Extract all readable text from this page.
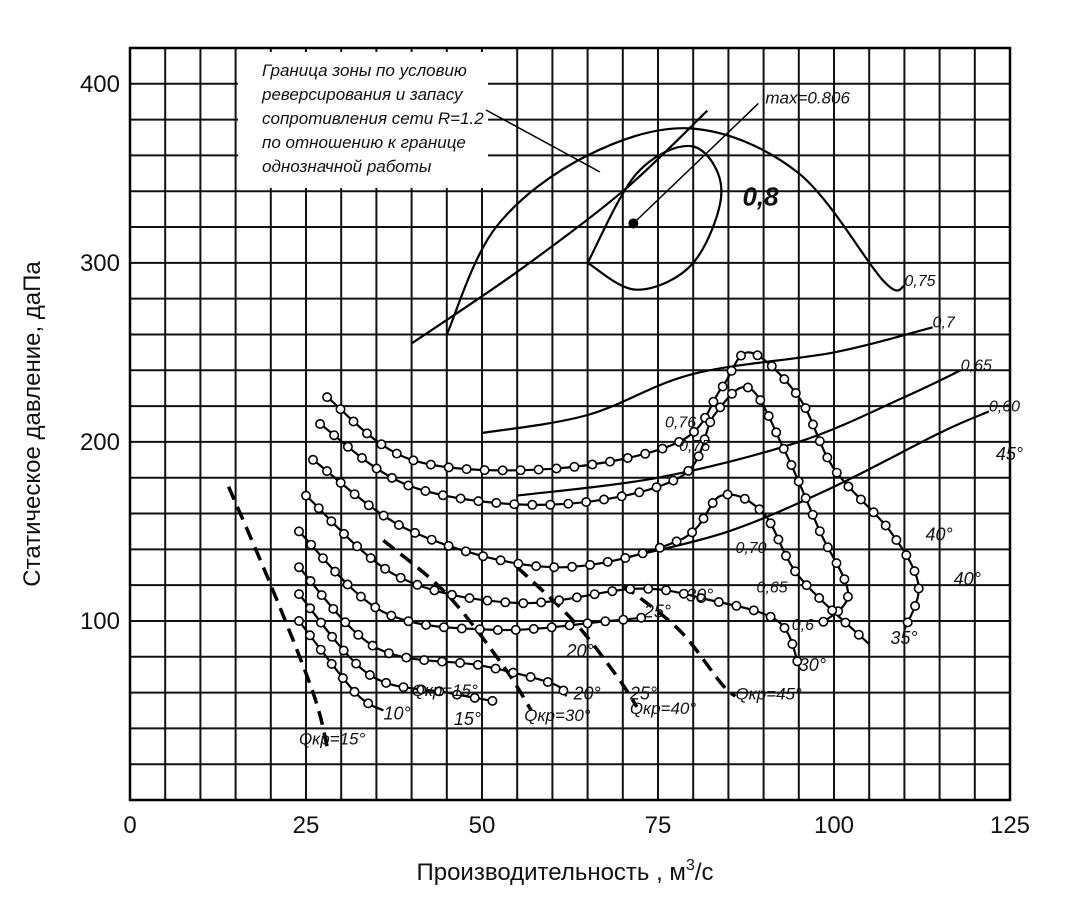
0	25	50	75	100	125
100
200
300
400
max=0.806
0,8
0,75
0,7
0,65
0,60
0,76
0,75
0,70
0,65
0,6
45°
40°
40°
35°
30°
30°
25°
25°
20°
20°
15°
10°
Qкр=15°
Qкр=15°
Qкр=30° Qкр=40°
Qкр=45°
Граница зоны по условию
реверсирования и запасу
сопротивления сети R=1.2
по отношению к границе
однозначной работы
Производительность , $м^3/с$
Статическое давление, даПа
